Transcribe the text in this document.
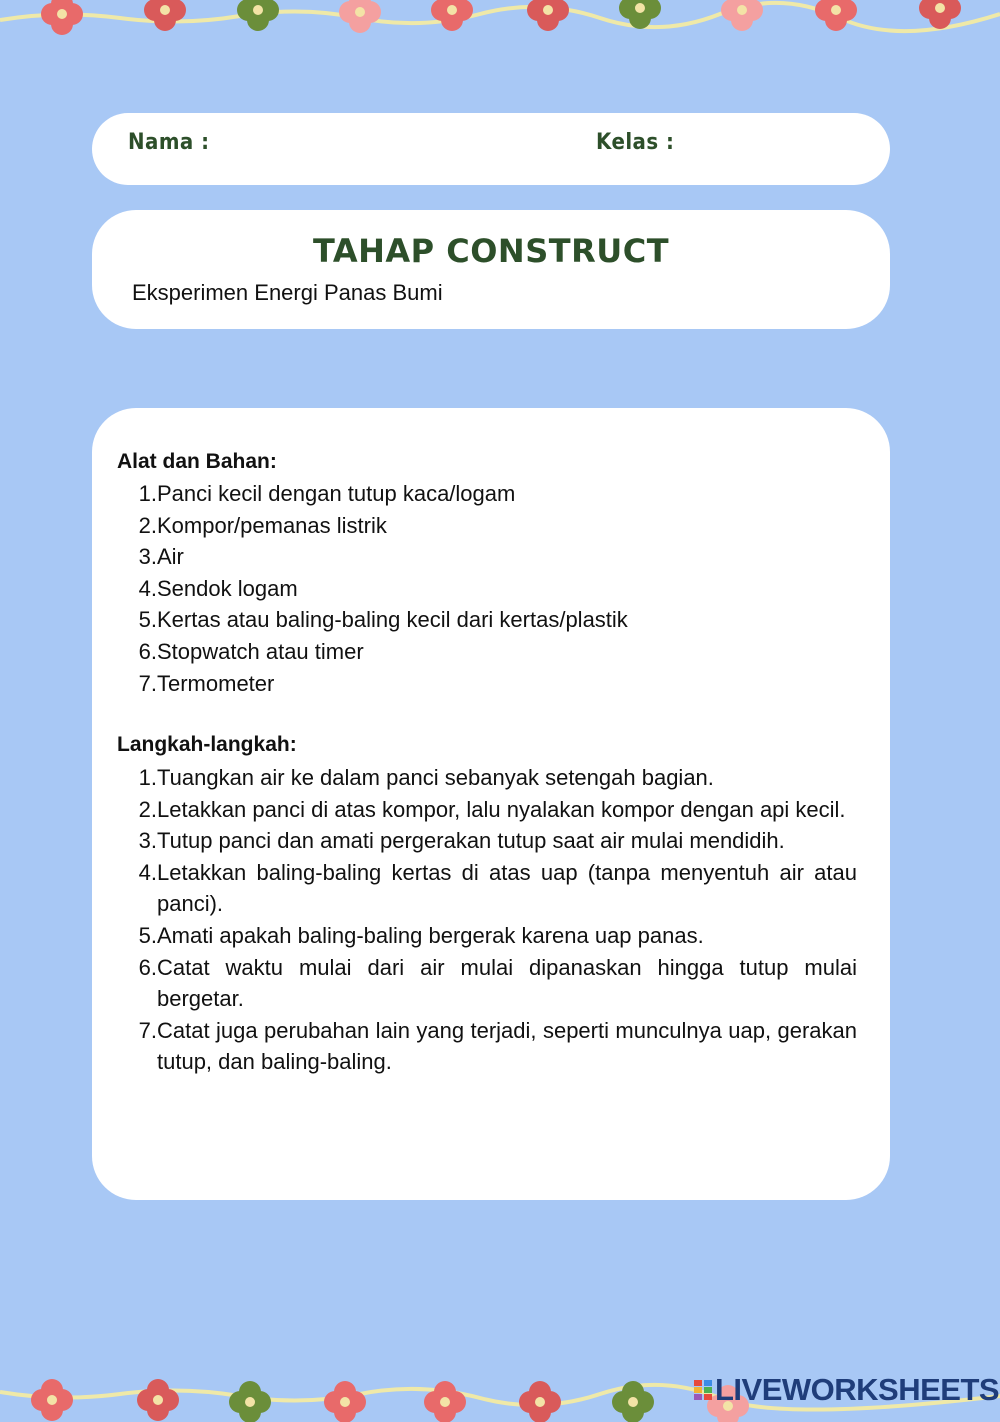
Nama :	Kelas :
TAHAP CONSTRUCT
Eksperimen Energi Panas Bumi
Alat dan Bahan:
1. Panci kecil dengan tutup kaca/logam
2. Kompor/pemanas listrik
3. Air
4. Sendok logam
5. Kertas atau baling-baling kecil dari kertas/plastik
6. Stopwatch atau timer
7. Termometer
Langkah-langkah:
1. Tuangkan air ke dalam panci sebanyak setengah bagian.
2. Letakkan panci di atas kompor, lalu nyalakan kompor dengan api kecil.
3. Tutup panci dan amati pergerakan tutup saat air mulai mendidih.
4. Letakkan baling-baling kertas di atas uap (tanpa menyentuh air atau panci).
5. Amati apakah baling-baling bergerak karena uap panas.
6. Catat waktu mulai dari air mulai dipanaskan hingga tutup mulai bergetar.
7. Catat juga perubahan lain yang terjadi, seperti munculnya uap, gerakan tutup, dan baling-baling.
LIVEWORKSHEETS
